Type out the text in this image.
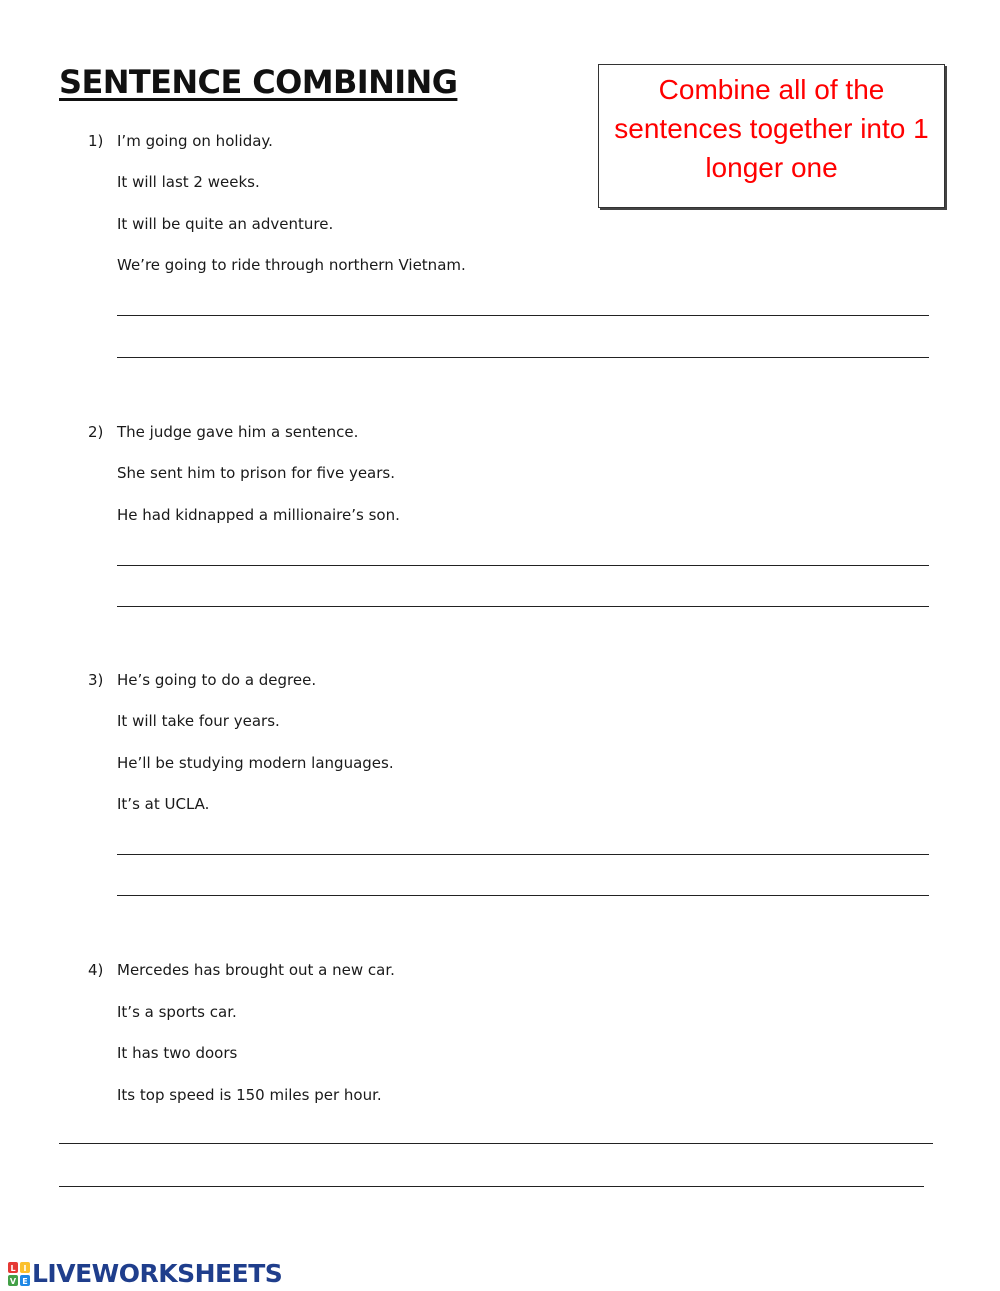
SENTENCE COMBINING	Combine all of the sentences together into 1 longer one
1) I’m going on holiday.
It will last 2 weeks.
It will be quite an adventure.
We’re going to ride through northern Vietnam.
2) The judge gave him a sentence.
She sent him to prison for five years.
He had kidnapped a millionaire’s son.
3) He’s going to do a degree.
It will take four years.
He’ll be studying modern languages.
It’s at UCLA.
4) Mercedes has brought out a new car.
It’s a sports car.
It has two doors
Its top speed is 150 miles per hour.
L I
V E LIVEWORKSHEETS
